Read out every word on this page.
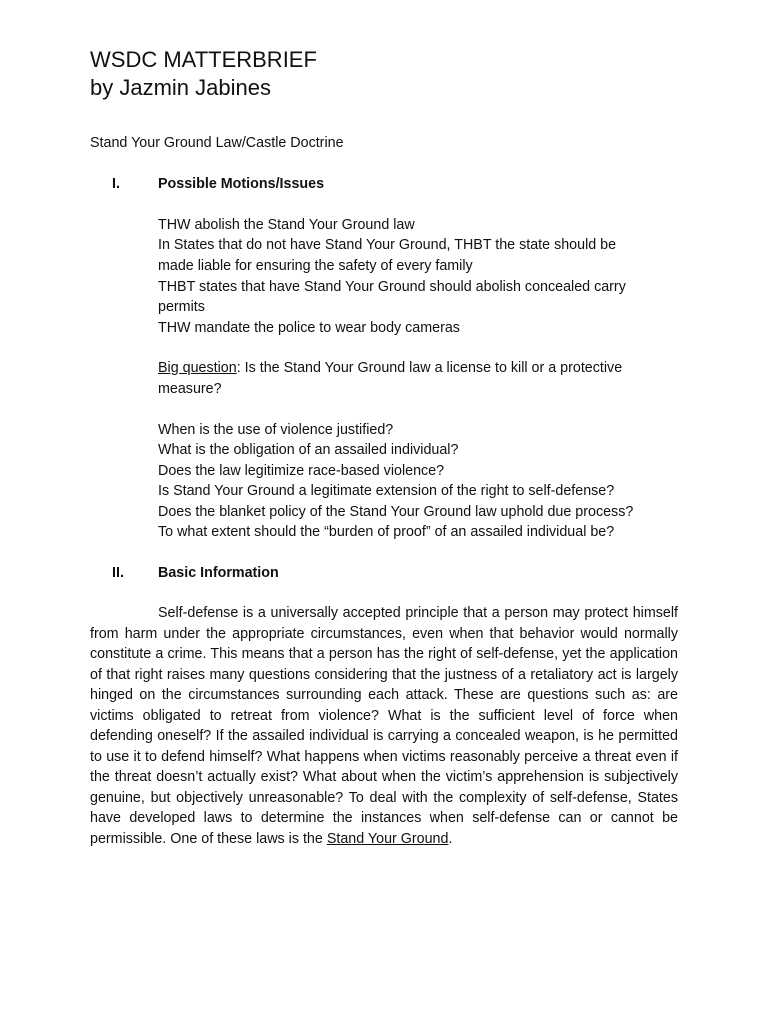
WSDC MATTERBRIEF
by Jazmin Jabines
Stand Your Ground Law/Castle Doctrine
I.	Possible Motions/Issues
THW abolish the Stand Your Ground law
In States that do not have Stand Your Ground, THBT the state should be
made liable for ensuring the safety of every family
THBT states that have Stand Your Ground should abolish concealed carry
permits
THW mandate the police to wear body cameras
Big question: Is the Stand Your Ground law a license to kill or a protective
measure?
When is the use of violence justified?
What is the obligation of an assailed individual?
Does the law legitimize race-based violence?
Is Stand Your Ground a legitimate extension of the right to self-defense?
Does the blanket policy of the Stand Your Ground law uphold due process?
To what extent should the “burden of proof” of an assailed individual be?
II. Basic Information
Self-defense is a universally accepted principle that a person may protect himself from harm under the appropriate circumstances, even when that behavior would normally constitute a crime. This means that a person has the right of self-defense, yet the application of that right raises many questions considering that the justness of a retaliatory act is largely hinged on the circumstances surrounding each attack. These are questions such as: are victims obligated to retreat from violence? What is the sufficient level of force when defending oneself? If the assailed individual is carrying a concealed weapon, is he permitted to use it to defend himself? What happens when victims reasonably perceive a threat even if the threat doesn’t actually exist? What about when the victim’s apprehension is subjectively genuine, but objectively unreasonable? To deal with the complexity of self-defense, States have developed laws to determine the instances when self-defense can or cannot be permissible. One of these laws is the Stand Your Ground.
